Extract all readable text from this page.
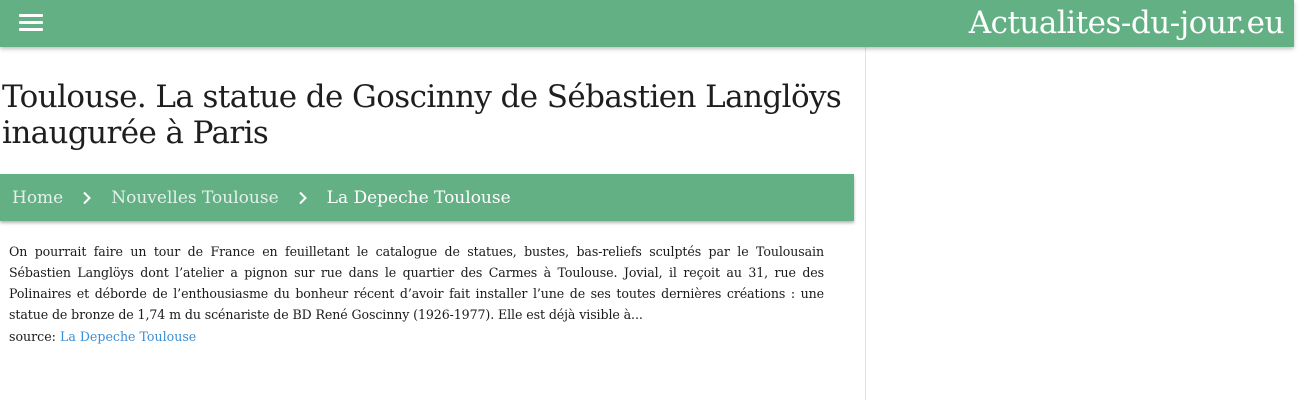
Actualites-du-jour.eu
Toulouse. La statue de Goscinny de Sébastien Langlöys inaugurée à Paris
Home	Nouvelles Toulouse	La Depeche Toulouse

On pourrait faire un tour de France en feuilletant le catalogue de statues, bustes, bas-reliefs sculptés par le Toulousain Sébastien Langlöys dont l’atelier a pignon sur rue dans le quartier des Carmes à Toulouse. Jovial, il reçoit au 31, rue des Polinaires et déborde de l’enthousiasme du bonheur récent d’avoir fait installer l’une de ses toutes dernières créations : une statue de bronze de 1,74 m du scénariste de BD René Goscinny (1926-1977). Elle est déjà visible à...

source: La Depeche Toulouse
